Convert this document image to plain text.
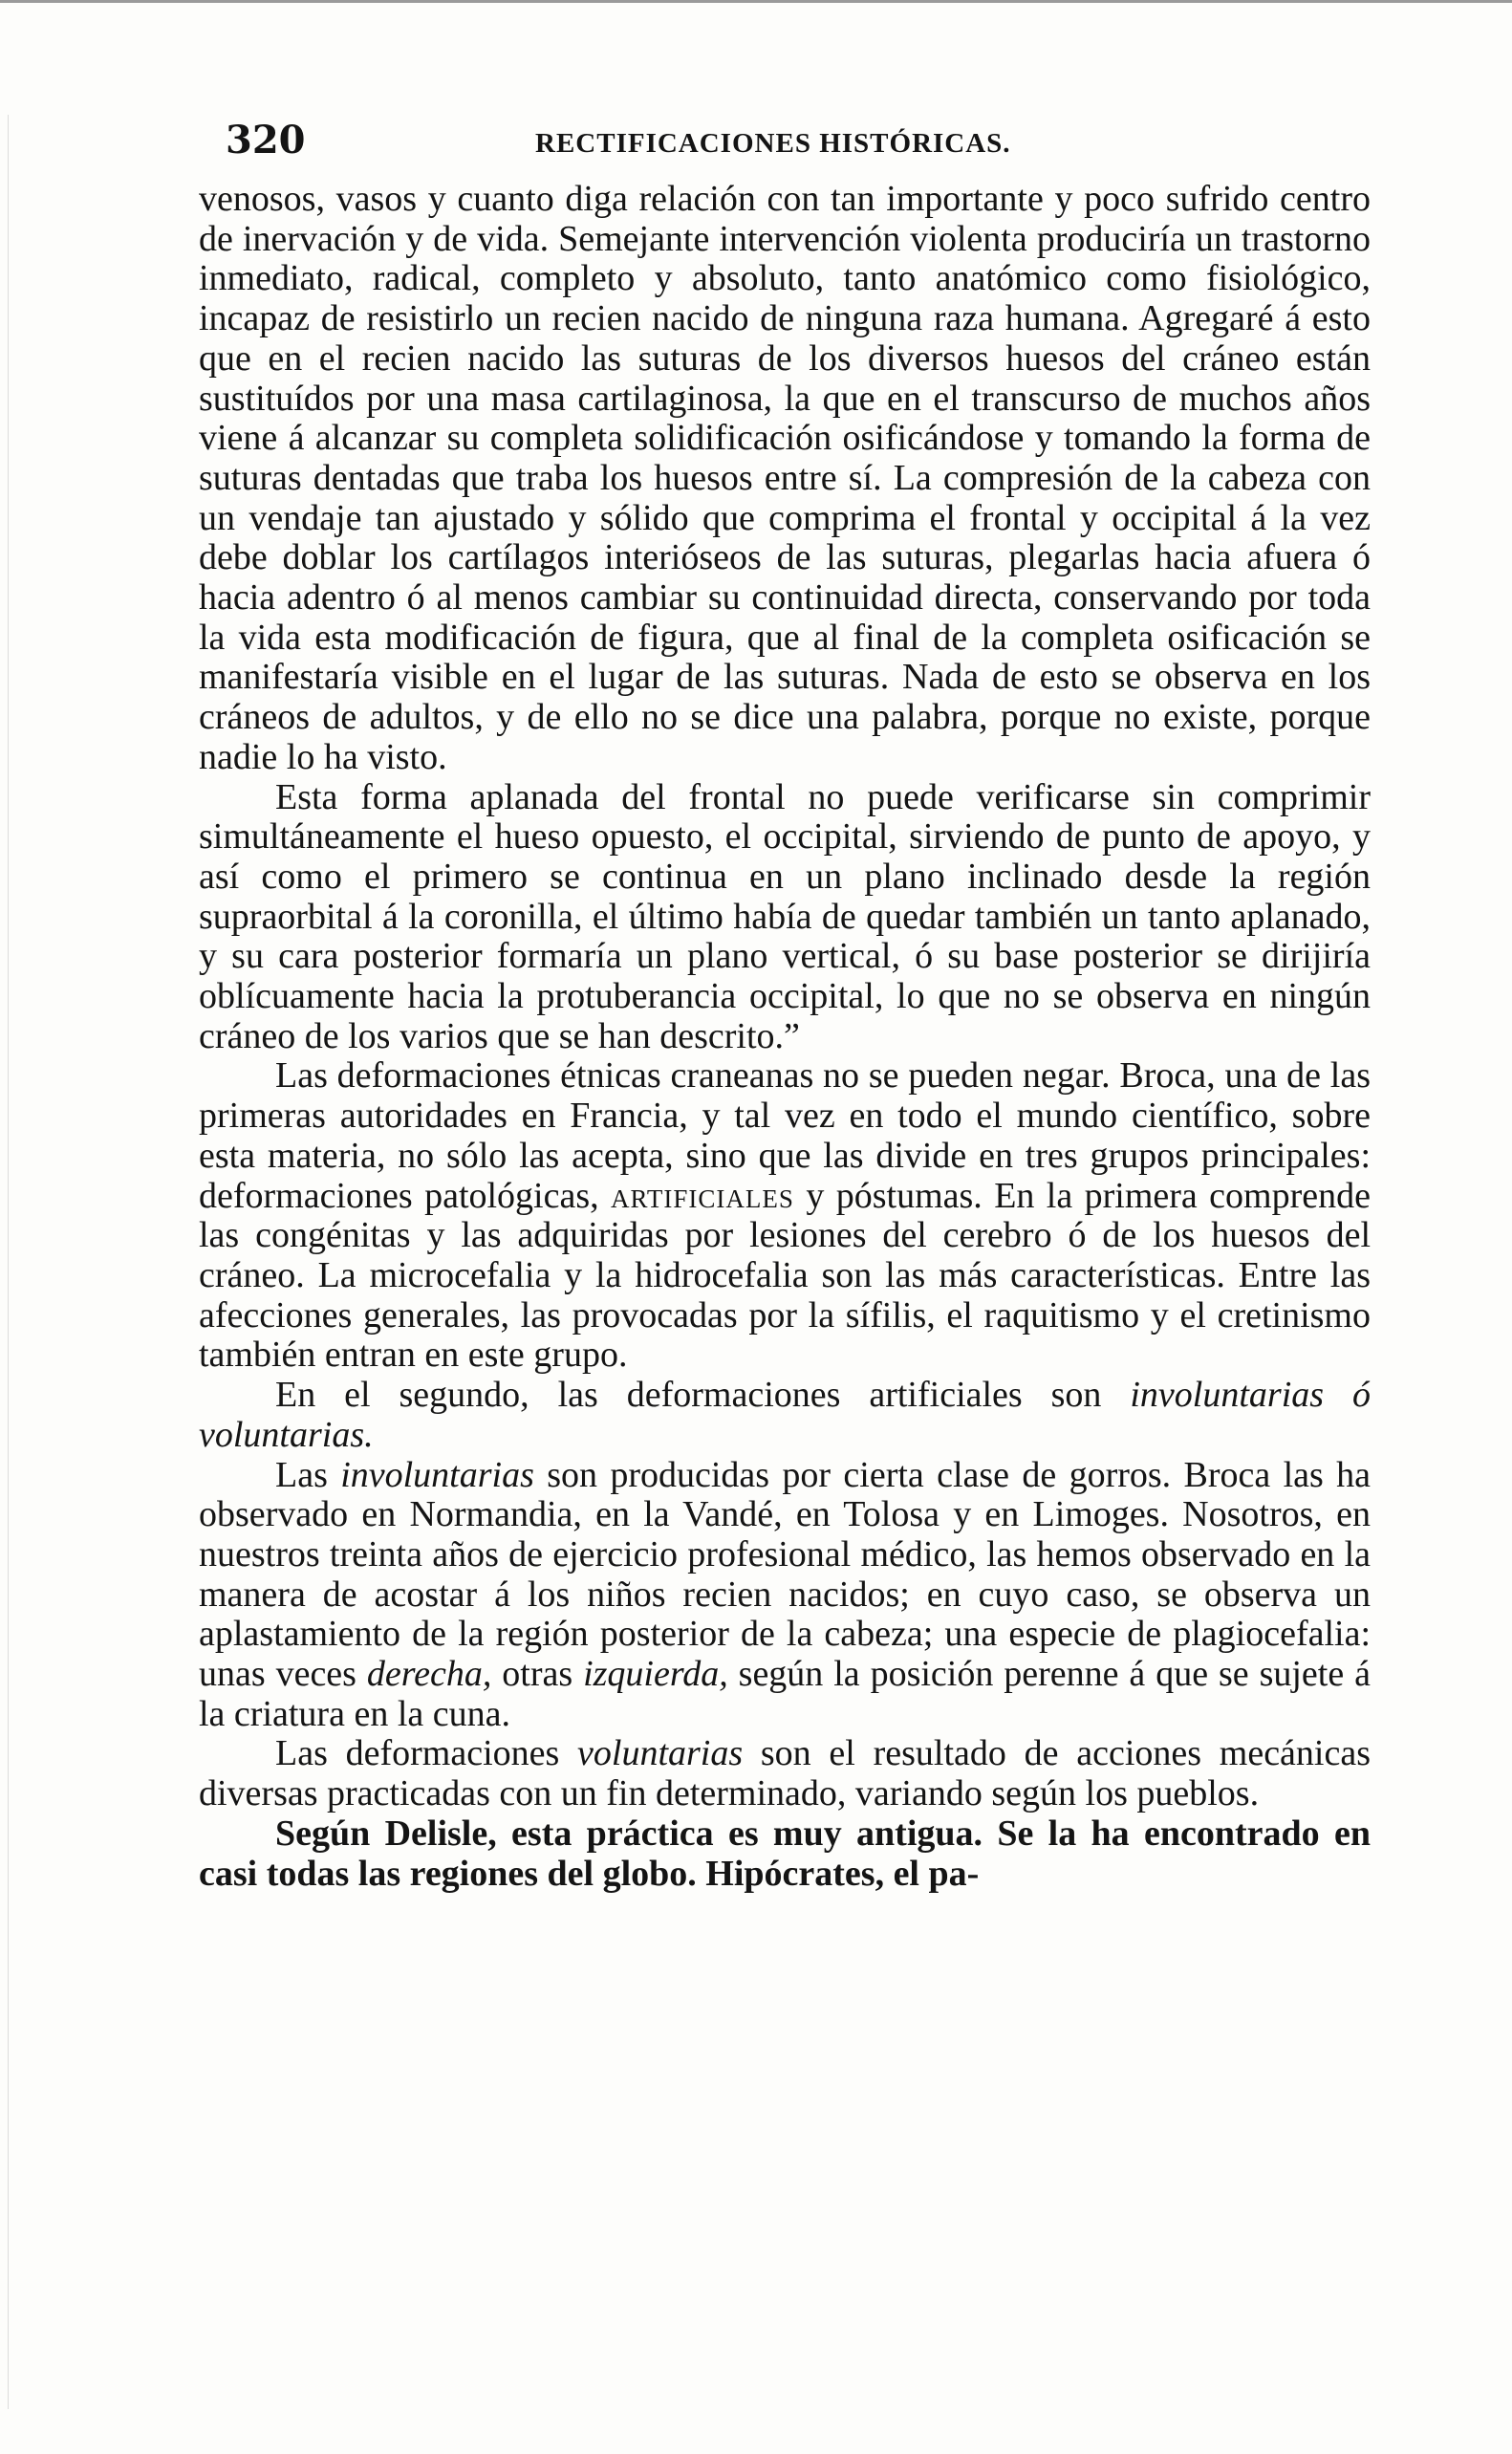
320	RECTIFICACIONES HISTÓRICAS.

venosos, vasos y cuanto diga relación con tan importante y poco sufrido centro de inervación y de vida. Semejante intervención violenta produciría un trastorno inmediato, radical, completo y absoluto, tanto anatómico como fisiológico, incapaz de resistirlo un recien nacido de ninguna raza humana. Agregaré á esto que en el recien nacido las suturas de los diversos huesos del cráneo están sustituídos por una masa cartilaginosa, la que en el transcurso de muchos años viene á alcanzar su completa solidificación osificándose y tomando la forma de suturas dentadas que traba los huesos entre sí. La compresión de la cabeza con un vendaje tan ajustado y sólido que comprima el frontal y occipital á la vez debe doblar los cartílagos interióseos de las suturas, plegarlas hacia afuera ó hacia adentro ó al menos cambiar su continuidad directa, conservando por toda la vida esta modificación de figura, que al final de la completa osificación se manifestaría visible en el lugar de las suturas. Nada de esto se observa en los cráneos de adultos, y de ello no se dice una palabra, porque no existe, porque nadie lo ha visto.

Esta forma aplanada del frontal no puede verificarse sin comprimir simultáneamente el hueso opuesto, el occipital, sirviendo de punto de apoyo, y así como el primero se continua en un plano inclinado desde la región supraorbital á la coronilla, el último había de quedar también un tanto aplanado, y su cara posterior formaría un plano vertical, ó su base posterior se dirijiría oblícuamente hacia la protuberancia occipital, lo que no se observa en ningún cráneo de los varios que se han descrito.”

Las deformaciones étnicas craneanas no se pueden negar. Broca, una de las primeras autoridades en Francia, y tal vez en todo el mundo científico, sobre esta materia, no sólo las acepta, sino que las divide en tres grupos principales: deformaciones patológicas, artificiales y póstumas. En la primera comprende las congénitas y las adquiridas por lesiones del cerebro ó de los huesos del cráneo. La microcefalia y la hidrocefalia son las más características. Entre las afecciones generales, las provocadas por la sífilis, el raquitismo y el cretinismo también entran en este grupo.

En el segundo, las deformaciones artificiales son involuntarias ó voluntarias.

Las involuntarias son producidas por cierta clase de gorros. Broca las ha observado en Normandia, en la Vandé, en Tolosa y en Limoges. Nosotros, en nuestros treinta años de ejercicio profesional médico, las hemos observado en la manera de acostar á los niños recien nacidos; en cuyo caso, se observa un aplastamiento de la región posterior de la cabeza; una especie de plagiocefalia: unas veces derecha, otras izquierda, según la posición perenne á que se sujete á la criatura en la cuna.

Las deformaciones voluntarias son el resultado de acciones mecánicas diversas practicadas con un fin determinado, variando según los pueblos.

Según Delisle, esta práctica es muy antigua. Se la ha encontrado en casi todas las regiones del globo. Hipócrates, el pa-
